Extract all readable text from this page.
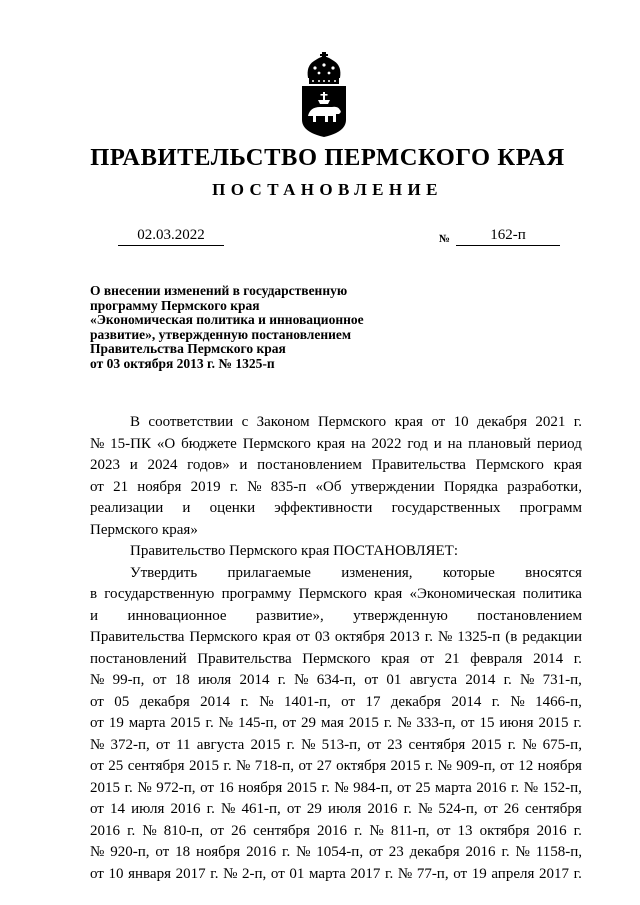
ПРАВИТЕЛЬСТВО ПЕРМСКОГО КРАЯ
ПОСТАНОВЛЕНИЕ
02.03.2022	№	162-п
О внесении изменений в государственную
программу Пермского края
«Экономическая политика и инновационное
развитие», утвержденную постановлением
Правительства Пермского края
от 03 октября 2013 г. № 1325-п
В соответствии с Законом Пермского края от 10 декабря 2021 г.
№ 15-ПК «О бюджете Пермского края на 2022 год и на плановый период
2023 и 2024 годов» и постановлением Правительства Пермского края
от 21 ноября 2019 г. № 835-п «Об утверждении Порядка разработки,
реализации и оценки эффективности государственных программ
Пермского края»
Правительство Пермского края ПОСТАНОВЛЯЕТ:
Утвердить прилагаемые изменения, которые вносятся
в государственную программу Пермского края «Экономическая политика
и инновационное развитие», утвержденную постановлением
Правительства Пермского края от 03 октября 2013 г. № 1325-п (в редакции
постановлений Правительства Пермского края от 21 февраля 2014 г.
№ 99-п, от 18 июля 2014 г. № 634-п, от 01 августа 2014 г. № 731-п,
от 05 декабря 2014 г. № 1401-п, от 17 декабря 2014 г. № 1466-п,
от 19 марта 2015 г. № 145-п, от 29 мая 2015 г. № 333-п, от 15 июня 2015 г.
№ 372-п, от 11 августа 2015 г. № 513-п, от 23 сентября 2015 г. № 675-п,
от 25 сентября 2015 г. № 718-п, от 27 октября 2015 г. № 909-п, от 12 ноября
2015 г. № 972-п, от 16 ноября 2015 г. № 984-п, от 25 марта 2016 г. № 152-п,
от 14 июля 2016 г. № 461-п, от 29 июля 2016 г. № 524-п, от 26 сентября
2016 г. № 810-п, от 26 сентября 2016 г. № 811-п, от 13 октября 2016 г.
№ 920-п, от 18 ноября 2016 г. № 1054-п, от 23 декабря 2016 г. № 1158-п,
от 10 января 2017 г. № 2-п, от 01 марта 2017 г. № 77-п, от 19 апреля 2017 г.
